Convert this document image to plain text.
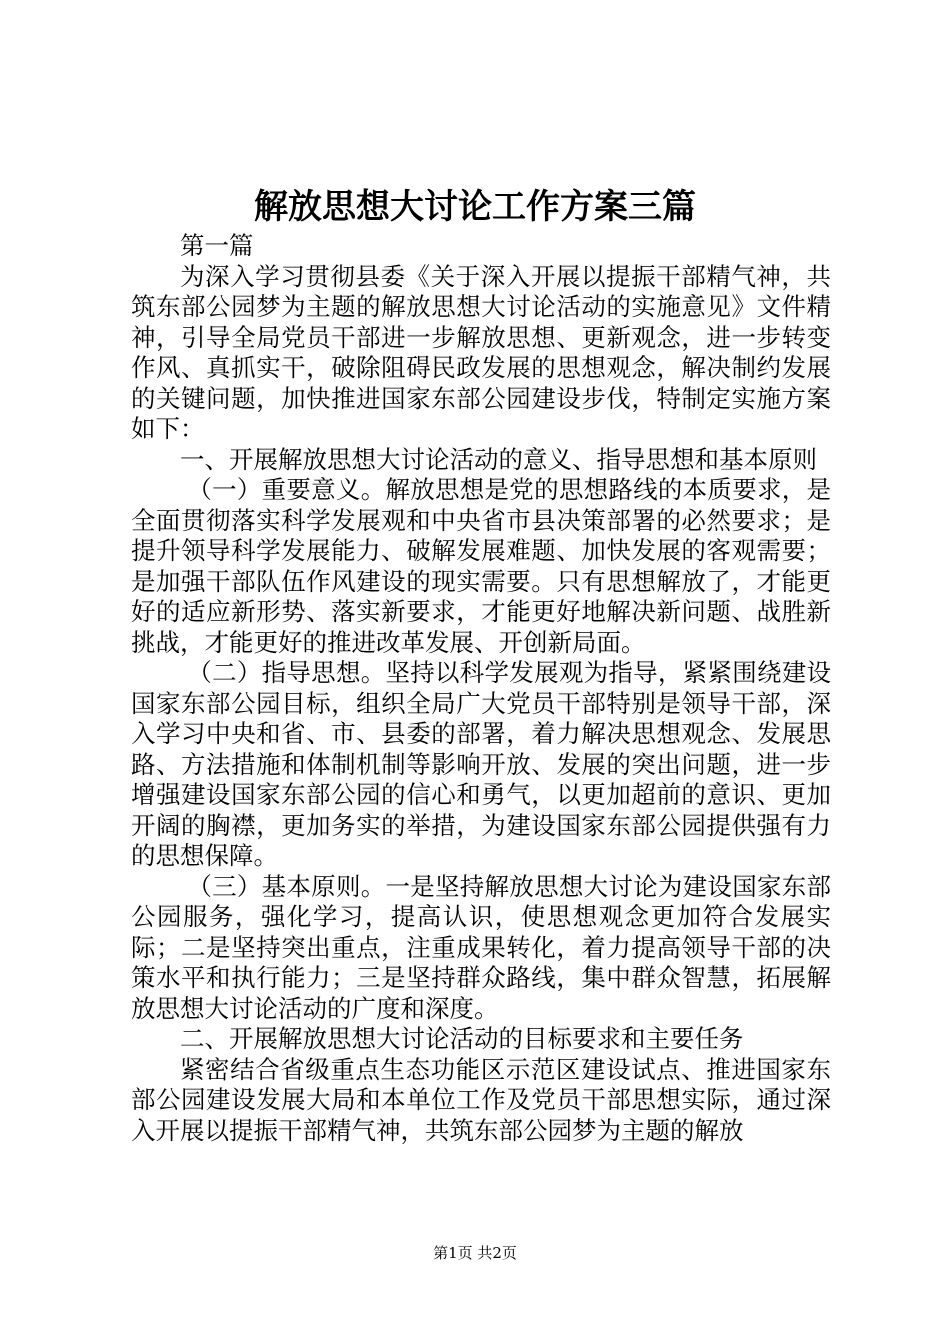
解放思想大讨论工作方案三篇

第一篇

为深入学习贯彻县委《关于深入开展以提振干部精气神，共筑东部公园梦为主题的解放思想大讨论活动的实施意见》文件精神，引导全局党员干部进一步解放思想、更新观念，进一步转变作风、真抓实干，破除阻碍民政发展的思想观念，解决制约发展的关键问题，加快推进国家东部公园建设步伐，特制定实施方案如下：

一、开展解放思想大讨论活动的意义、指导思想和基本原则

（一）重要意义。解放思想是党的思想路线的本质要求，是全面贯彻落实科学发展观和中央省市县决策部署的必然要求；是提升领导科学发展能力、破解发展难题、加快发展的客观需要；是加强干部队伍作风建设的现实需要。只有思想解放了，才能更好的适应新形势、落实新要求，才能更好地解决新问题、战胜新挑战，才能更好的推进改革发展、开创新局面。

（二）指导思想。坚持以科学发展观为指导，紧紧围绕建设国家东部公园目标，组织全局广大党员干部特别是领导干部，深入学习中央和省、市、县委的部署，着力解决思想观念、发展思路、方法措施和体制机制等影响开放、发展的突出问题，进一步增强建设国家东部公园的信心和勇气，以更加超前的意识、更加开阔的胸襟，更加务实的举措，为建设国家东部公园提供强有力的思想保障。

（三）基本原则。一是坚持解放思想大讨论为建设国家东部公园服务，强化学习，提高认识，使思想观念更加符合发展实际；二是坚持突出重点，注重成果转化，着力提高领导干部的决策水平和执行能力；三是坚持群众路线，集中群众智慧，拓展解放思想大讨论活动的广度和深度。

二、开展解放思想大讨论活动的目标要求和主要任务

紧密结合省级重点生态功能区示范区建设试点、推进国家东部公园建设发展大局和本单位工作及党员干部思想实际，通过深入开展以提振干部精气神，共筑东部公园梦为主题的解放

第1页 共2页
